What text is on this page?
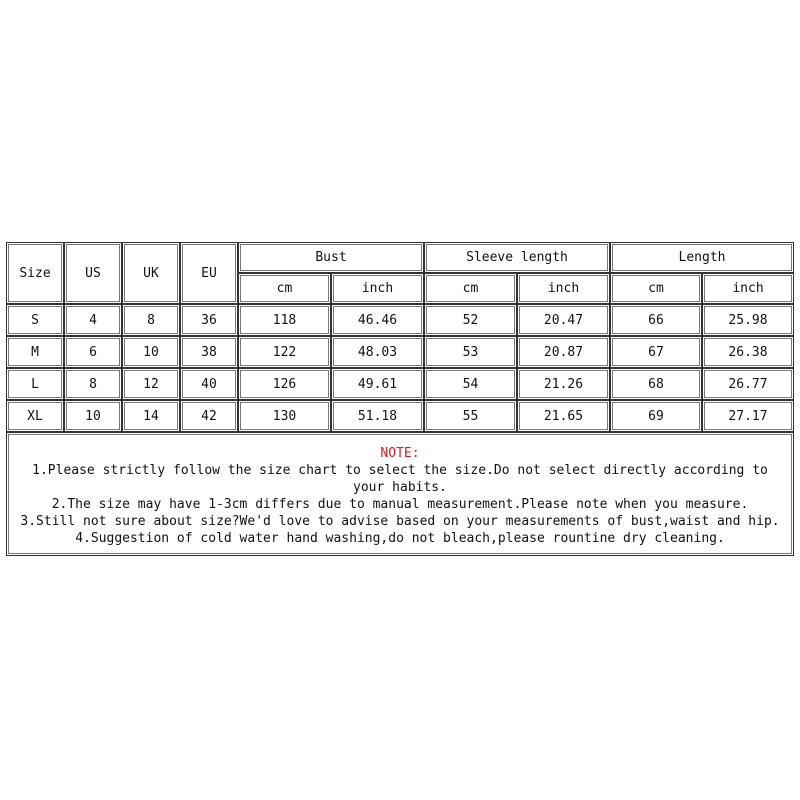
Size	US	UK	EU
Bust	Sleeve length	Length
cm	inch	cm	inch	cm	inch
S	4	8	36	118	46.46	52	20.47	66	25.98
M	6	10	38	122	48.03	53	20.87	67	26.38
L	8	12	40	126	49.61	54	21.26	68	26.77
XL	10	14	42	130	51.18	55	21.65	69	27.17
NOTE:
1.Please strictly follow the size chart to select the size.Do not select directly according to your habits.
2.The size may have 1-3cm differs due to manual measurement.Please note when you measure.
3.Still not sure about size?We'd love to advise based on your measurements of bust,waist and hip.
4.Suggestion of cold water hand washing,do not bleach,please rountine dry cleaning.
